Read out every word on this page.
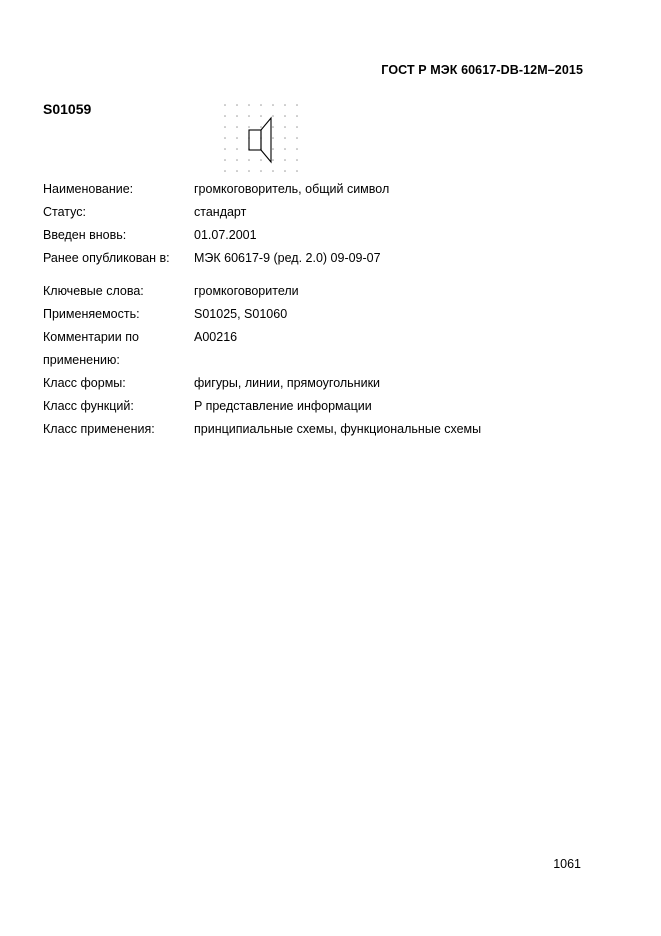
ГОСТ Р МЭК 60617-DB-12M–2015
S01059
Наименование:	громкоговоритель, общий символ
Статус:	стандарт
Введен вновь:	01.07.2001
Ранее опубликован в:	МЭК 60617-9 (ред. 2.0) 09-09-07
Ключевые слова:	громкоговорители
Применяемость:	S01025, S01060
Комментарии по
применению:
A00216
Класс формы:	фигуры, линии, прямоугольники
Класс функций:	P представление информации
Класс применения:	принципиальные схемы, функциональные схемы
1061
